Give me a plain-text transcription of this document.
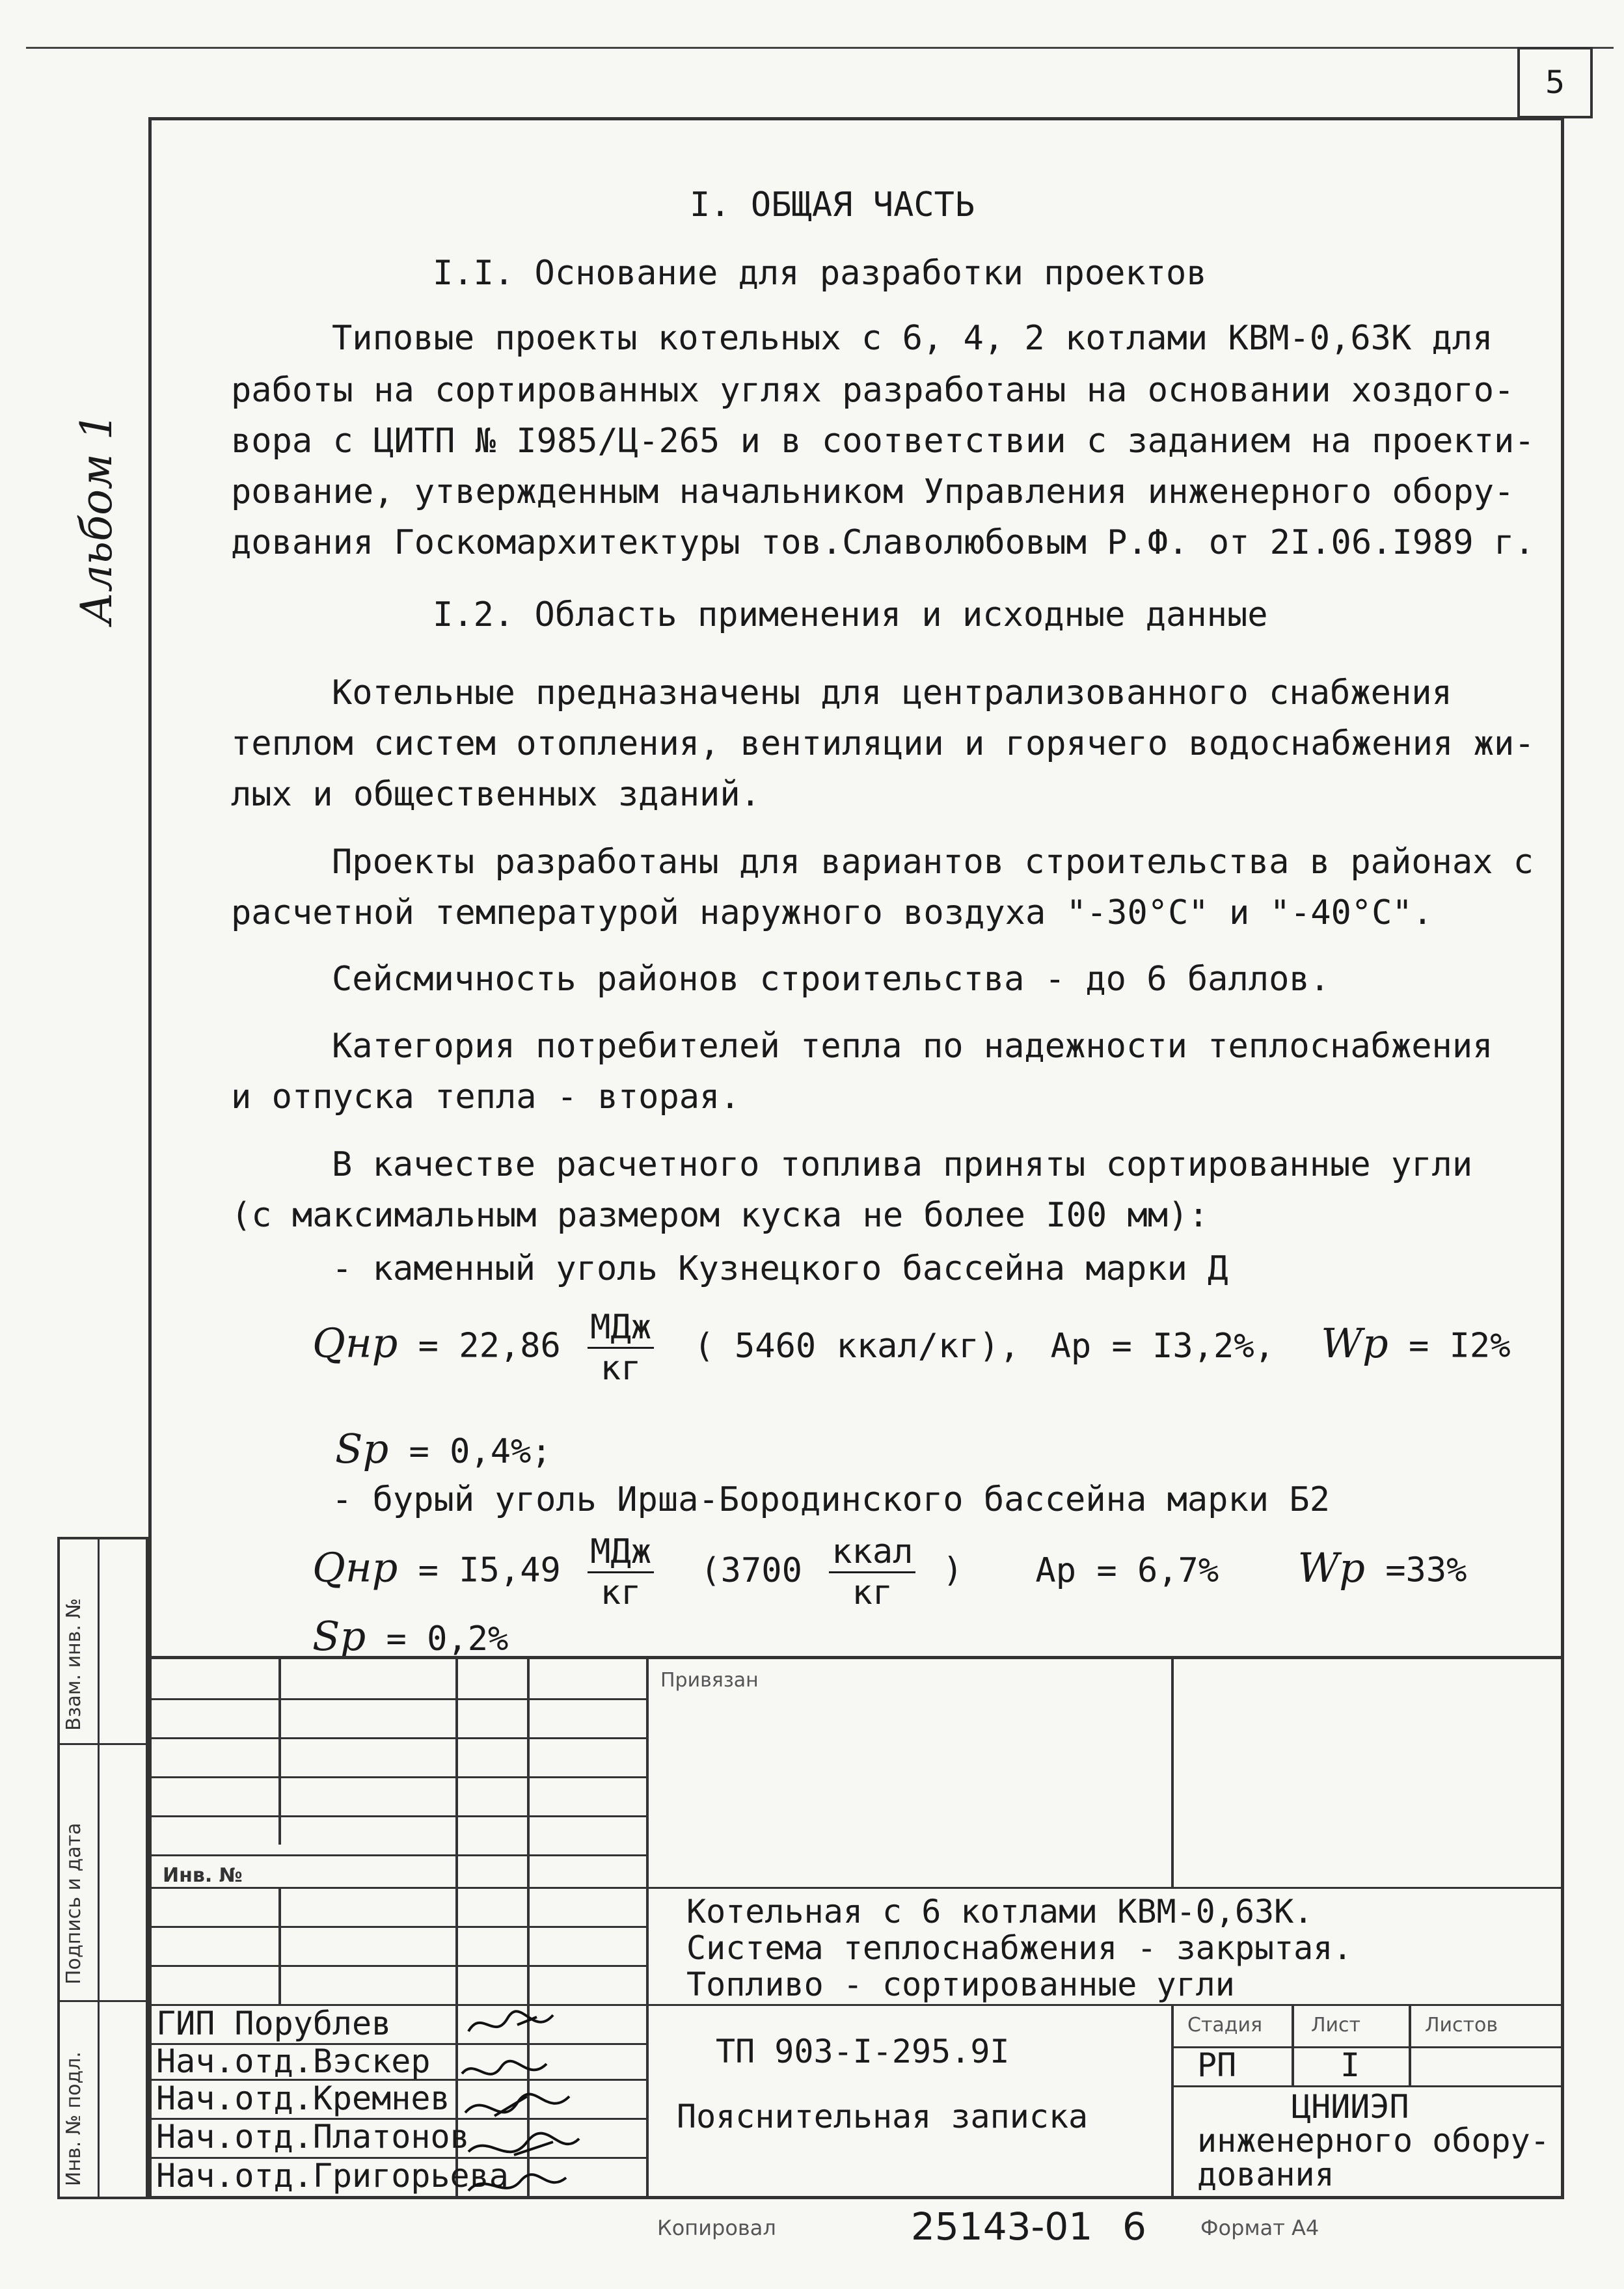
5
Альбом 1
I. ОБЩАЯ ЧАСТЬ
I.I. Основание для разработки проектов
Типовые проекты котельных с 6, 4, 2 котлами КВМ-0,63К для
работы на сортированных углях разработаны на основании хоздого-
вора с ЦИТП № I985/Ц-265 и в соответствии с заданием на проекти-
рование, утвержденным начальником Управления инженерного обору-
дования Госкомархитектуры тов.Славолюбовым Р.Ф. от 2I.06.I989 г.
I.2. Область применения и исходные данные
Котельные предназначены для централизованного снабжения
теплом систем отопления, вентиляции и горячего водоснабжения жи-
лых и общественных зданий.
Проекты разработаны для вариантов строительства в районах с
расчетной температурой наружного воздуха "-30°С" и "-40°С".
Сейсмичность районов строительства - до 6 баллов.
Категория потребителей тепла по надежности теплоснабжения
и отпуска тепла - вторая.
В качестве расчетного топлива приняты сортированные угли
(с максимальным размером куска не более I00 мм):
- каменный уголь Кузнецкого бассейна марки Д
Qнр = $22,86 \frac{\text{МДж}}{кг}$ ( 5460 ккал/кг), Ар = I3,2%, Wр = I2%
Sр = 0,4%;
- бурый уголь Ирша-Бородинского бассейна марки Б2
Qнр = $I5,49 \frac{\text{МДж}}{кг} (3700 \frac{\text{ккал}}{кг}$ ) Ар = 6,7% Wр =33%
Sр = 0,2%
Взам. инв. №
Подпись и дата
Инв. № подл.
Привязан
Инв. №
Котельная с 6 котлами КВМ-0,63К.
Система теплоснабжения - закрытая.
Топливо - сортированные угли
ТП 903-I-295.9I
Пояснительная записка
Стадия Лист	Листов
РП	I
ЦНИИЭП
инженерного обору-
дования
ГИП Порублев
Нач.отд.Вэскер
Нач.отд.Кремнев
Нач.отд.Платонов
Нач.отд.Григорьева
Копировал	25143-01 6	Формат А4
